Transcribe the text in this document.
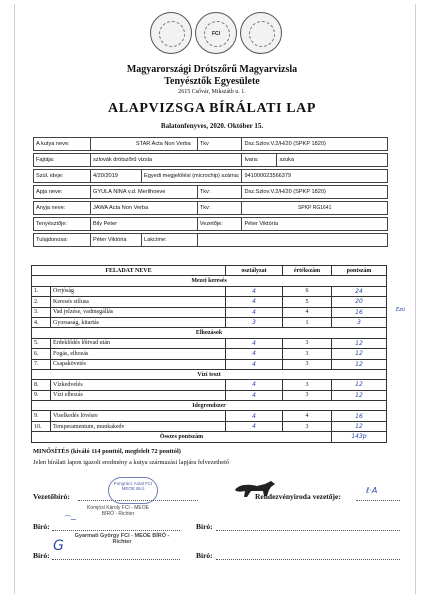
FCI
Magyarországi Drótszőrű Magyarvizsla
Tenyésztők Egyesülete
2615 Csővár, Mikszáth u. 1.
ALAPVIZSGA BÍRÁLATI LAP
Balatonfenyves, 2020. Október 15.
A kutya neve:	STAR Acta Non Verba		Tkv	Dsz.Szlov.V.2/H/20 (SPKP 1820)	

Fajtája:	szlovák drótszőrű vizsla			Ivara:	szuka

Szül. ideje:	4/20/2019	Egyedi megjelölési (microchip) száma:		941000023566379	

Apja neve:	GYULA NINA v.d. Merlihoeve		Tkv:	Dsz.Szlov.V.2/H/20 (SPKP 1820)	

Anyja neve:	JAWA Acta Non Verba		Tkv:	SPKP RG1641	

Tenyésztője:	Bily Peter		Vezetője:	Péter Viktória	

Tulajdonosa:	Péter Viktória	Lakcíme:			
FELADAT NEVE		osztályzat	értékszám	pontszám
Mezei keresés				
1.	Orrjóság	4	6	24
2.	Keresés stílusa	4	5	20
3.	Vad jelzése, vadmegállás	4	4	16
4.	Gyorsaság, kitartás	3	1	3
Elhozások				
5.	Érdeklődés lőttvad után	4	3	12
6.	Fogás, elhozás	4	3	12
7.	Csapakövetés	4	3	12
Vízi teszt				
8.	Vízkedvelés	4	3	12
9.	Vízi elhozás	4	3	12
Idegrendszer				
9.	Viselkedés lövésre	4	4	16
10.	Temperamentum, munkakedv	4	3	12
Összes pontszám				143p
Ezü
MINŐSÍTÉS (kiváló 114 ponttól, megfelelt 72 ponttól)
Jelen bírálati lapon igazolt eredmény a kutya származási lapjára felvezethető
Vezetőbíró:
Pongrácz Antal FCI MEOE Bíró
Rendezvényiroda vezetője:
ℓ·A
Bíró:
Komjósi Károly FCI - MEOE BÍRÓ - Richter
⌒~
Bíró:
Bíró:
Gyarmati György FCI - MEOE BÍRÓ - Richter
G
Bíró:
